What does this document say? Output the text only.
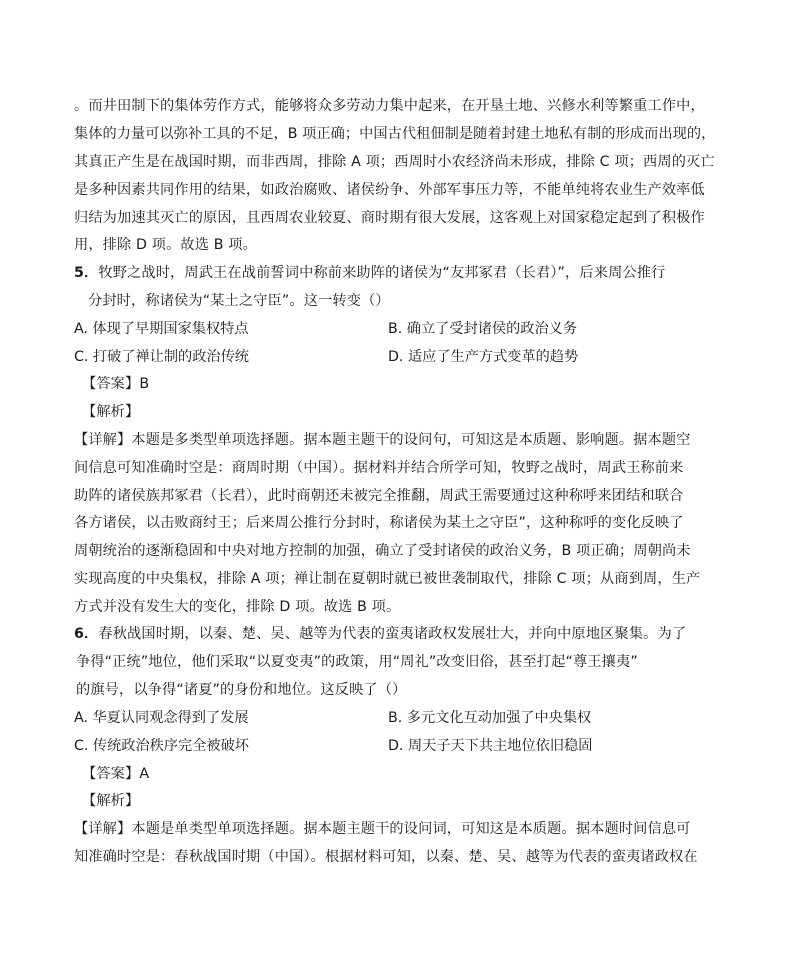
。而井田制下的集体劳作方式，能够将众多劳动力集中起来，在开垦土地、兴修水利等繁重工作中，
集体的力量可以弥补工具的不足，B 项正确；中国古代租佃制是随着封建土地私有制的形成而出现的，
其真正产生是在战国时期，而非西周，排除 A 项；西周时小农经济尚未形成，排除 C 项；西周的灭亡
是多种因素共同作用的结果，如政治腐败、诸侯纷争、外部军事压力等，不能单纯将农业生产效率低
归结为加速其灭亡的原因，且西周农业较夏、商时期有很大发展，这客观上对国家稳定起到了积极作
用，排除 D 项。故选 B 项。
5．牧野之战时，周武王在战前誓词中称前来助阵的诸侯为“友邦冢君（长君）”，后来周公推行
分封时，称诸侯为“某土之守臣”。这一转变（）
A. 体现了早期国家集权特点	B. 确立了受封诸侯的政治义务
C. 打破了禅让制的政治传统	D. 适应了生产方式变革的趋势
【答案】B
【解析】
【详解】本题是多类型单项选择题。据本题主题干的设问句，可知这是本质题、影响题。据本题空
间信息可知准确时空是：商周时期（中国）。据材料并结合所学可知，牧野之战时，周武王称前来
助阵的诸侯族邦冢君（长君），此时商朝还未被完全推翻，周武王需要通过这种称呼来团结和联合
各方诸侯，以击败商纣王；后来周公推行分封时，称诸侯为某土之守臣”，这种称呼的变化反映了
周朝统治的逐渐稳固和中央对地方控制的加强，确立了受封诸侯的政治义务，B 项正确；周朝尚未
实现高度的中央集权，排除 A 项；禅让制在夏朝时就已被世袭制取代，排除 C 项；从商到周，生产
方式并没有发生大的变化，排除 D 项。故选 B 项。
6．春秋战国时期，以秦、楚、吴、越等为代表的蛮夷诸政权发展壮大，并向中原地区聚集。为了
争得“正统”地位，他们采取“以夏变夷”的政策，用“周礼”改变旧俗，甚至打起“尊王攘夷”
的旗号，以争得“诸夏”的身份和地位。这反映了（）
A. 华夏认同观念得到了发展	B. 多元文化互动加强了中央集权
C. 传统政治秩序完全被破坏	D. 周天子天下共主地位依旧稳固
【答案】A
【解析】
【详解】本题是单类型单项选择题。据本题主题干的设问词，可知这是本质题。据本题时间信息可
知准确时空是：春秋战国时期（中国）。根据材料可知，以秦、楚、吴、越等为代表的蛮夷诸政权在
